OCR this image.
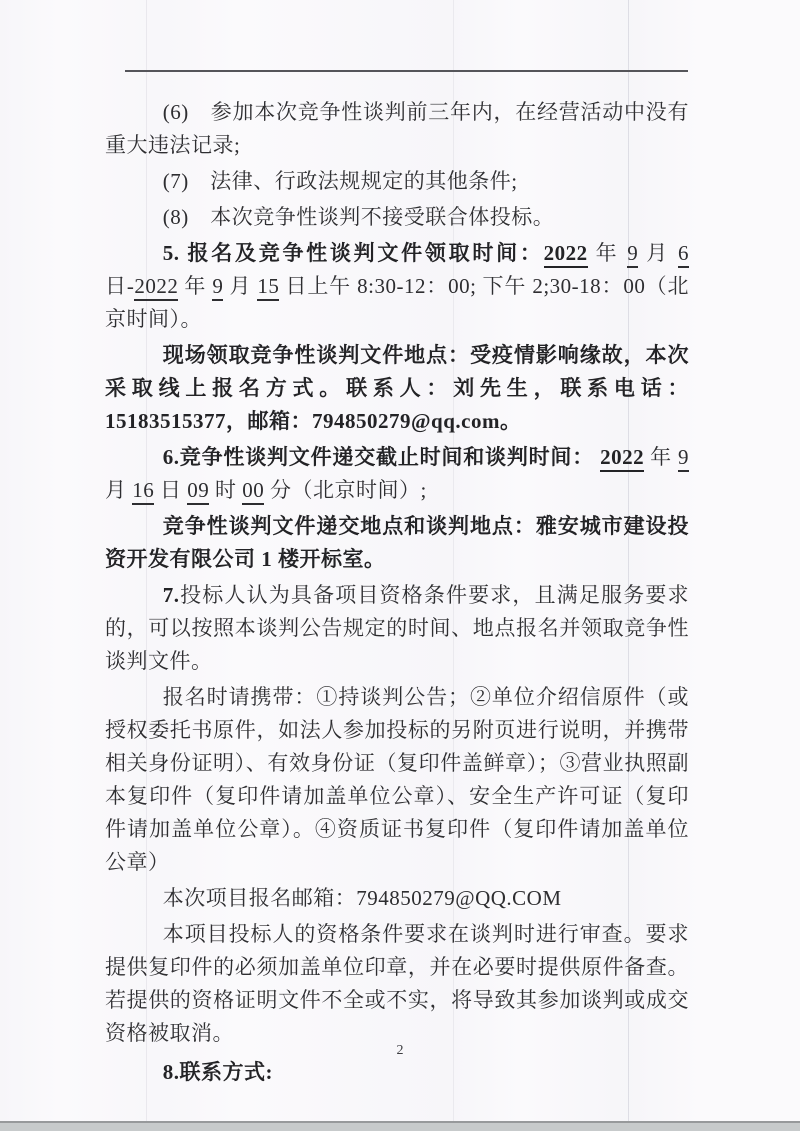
(6)　参加本次竞争性谈判前三年内，在经营活动中没有重大违法记录;

(7)　法律、行政法规规定的其他条件;

(8)　本次竞争性谈判不接受联合体投标。

5. 报名及竞争性谈判文件领取时间：2022 年 9 月 6 日-2022 年 9 月 15 日上午 8:30-12：00; 下午 2;30-18：00（北京时间）。

现场领取竞争性谈判文件地点：受疫情影响缘故，本次采取线上报名方式。联系人：刘先生，联系电话：15183515377，邮箱：794850279@qq.com。

6.竞争性谈判文件递交截止时间和谈判时间： 2022 年 9 月 16 日 09 时 00 分（北京时间）;

竞争性谈判文件递交地点和谈判地点：雅安城市建设投资开发有限公司 1 楼开标室。

7.投标人认为具备项目资格条件要求，且满足服务要求的，可以按照本谈判公告规定的时间、地点报名并领取竞争性谈判文件。

报名时请携带：①持谈判公告；②单位介绍信原件（或授权委托书原件，如法人参加投标的另附页进行说明，并携带相关身份证明）、有效身份证（复印件盖鲜章）；③营业执照副本复印件（复印件请加盖单位公章）、安全生产许可证（复印件请加盖单位公章）。④资质证书复印件（复印件请加盖单位公章）

本次项目报名邮箱：794850279@QQ.COM

本项目投标人的资格条件要求在谈判时进行审查。要求提供复印件的必须加盖单位印章，并在必要时提供原件备查。若提供的资格证明文件不全或不实，将导致其参加谈判或成交资格被取消。

8.联系方式:

2
